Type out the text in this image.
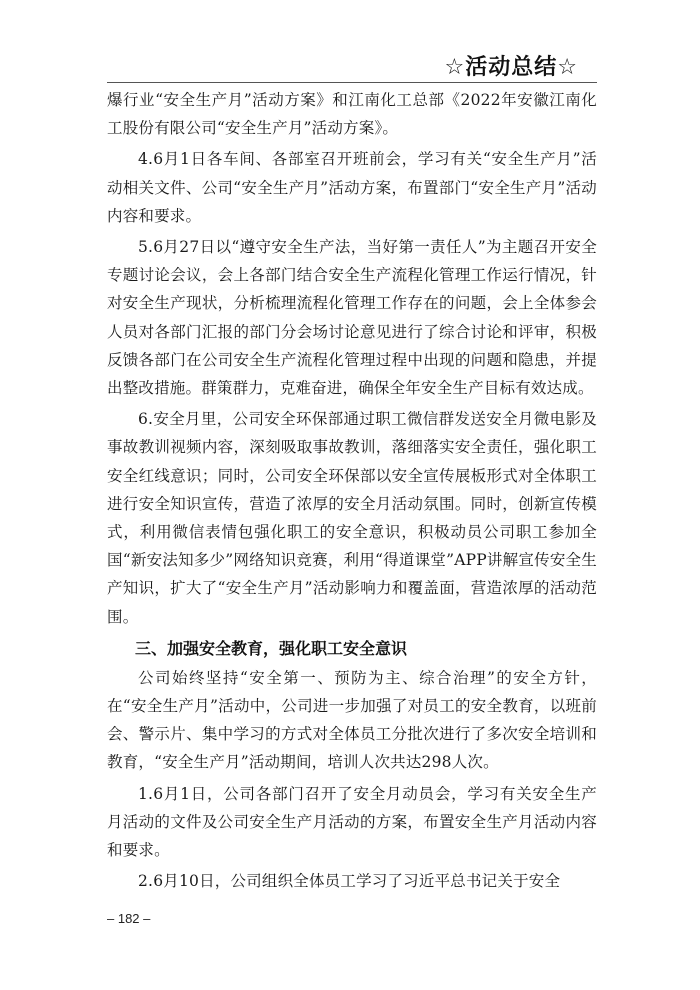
☆活动总结☆

爆行业“安全生产月”活动方案》和江南化工总部《2022年安徽江南化工股份有限公司“安全生产月”活动方案》。

4.6月1日各车间、各部室召开班前会，学习有关“安全生产月”活动相关文件、公司“安全生产月”活动方案，布置部门“安全生产月”活动内容和要求。

5.6月27日以“遵守安全生产法，当好第一责任人”为主题召开安全专题讨论会议，会上各部门结合安全生产流程化管理工作运行情况，针对安全生产现状，分析梳理流程化管理工作存在的问题，会上全体参会人员对各部门汇报的部门分会场讨论意见进行了综合讨论和评审，积极反馈各部门在公司安全生产流程化管理过程中出现的问题和隐患，并提出整改措施。群策群力，克难奋进，确保全年安全生产目标有效达成。

6.安全月里，公司安全环保部通过职工微信群发送安全月微电影及事故教训视频内容，深刻吸取事故教训，落细落实安全责任，强化职工安全红线意识；同时，公司安全环保部以安全宣传展板形式对全体职工进行安全知识宣传，营造了浓厚的安全月活动氛围。同时，创新宣传模式，利用微信表情包强化职工的安全意识，积极动员公司职工参加全国“新安法知多少”网络知识竞赛，利用“得道课堂”APP讲解宣传安全生产知识，扩大了“安全生产月”活动影响力和覆盖面，营造浓厚的活动范围。

三、加强安全教育，强化职工安全意识

公司始终坚持“安全第一、预防为主、综合治理”的安全方针，在“安全生产月”活动中，公司进一步加强了对员工的安全教育，以班前会、警示片、集中学习的方式对全体员工分批次进行了多次安全培训和教育，“安全生产月”活动期间，培训人次共达298人次。

1.6月1日，公司各部门召开了安全月动员会，学习有关安全生产月活动的文件及公司安全生产月活动的方案，布置安全生产月活动内容和要求。

2.6月10日，公司组织全体员工学习了习近平总书记关于安全

– 182 –
